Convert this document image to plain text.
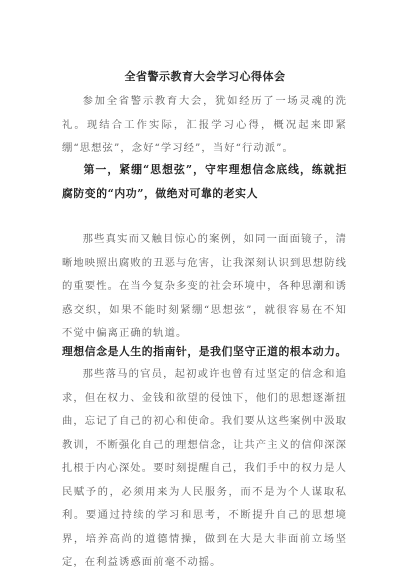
全省警示教育大会学习心得体会

参加全省警示教育大会，犹如经历了一场灵魂的洗礼。现结合工作实际，汇报学习心得，概况起来即紧绷“思想弦”，念好“学习经”，当好“行动派”。

第一，紧绷“思想弦”，守牢理想信念底线，练就拒腐防变的“内功”，做绝对可靠的老实人

那些真实而又触目惊心的案例，如同一面面镜子，清晰地映照出腐败的丑恶与危害，让我深刻认识到思想防线的重要性。在当今复杂多变的社会环境中，各种思潮和诱惑交织，如果不能时刻紧绷“思想弦”，就很容易在不知不觉中偏离正确的轨道。

理想信念是人生的指南针，是我们坚守正道的根本动力。

那些落马的官员，起初或许也曾有过坚定的信念和追求，但在权力、金钱和欲望的侵蚀下，他们的思想逐渐扭曲，忘记了自己的初心和使命。我们要从这些案例中汲取教训，不断强化自己的理想信念，让共产主义的信仰深深扎根于内心深处。要时刻提醒自己，我们手中的权力是人民赋予的，必须用来为人民服务，而不是为个人谋取私利。要通过持续的学习和思考，不断提升自己的思想境界，培养高尚的道德情操，做到在大是大非面前立场坚定，在利益诱惑面前毫不动摇。
